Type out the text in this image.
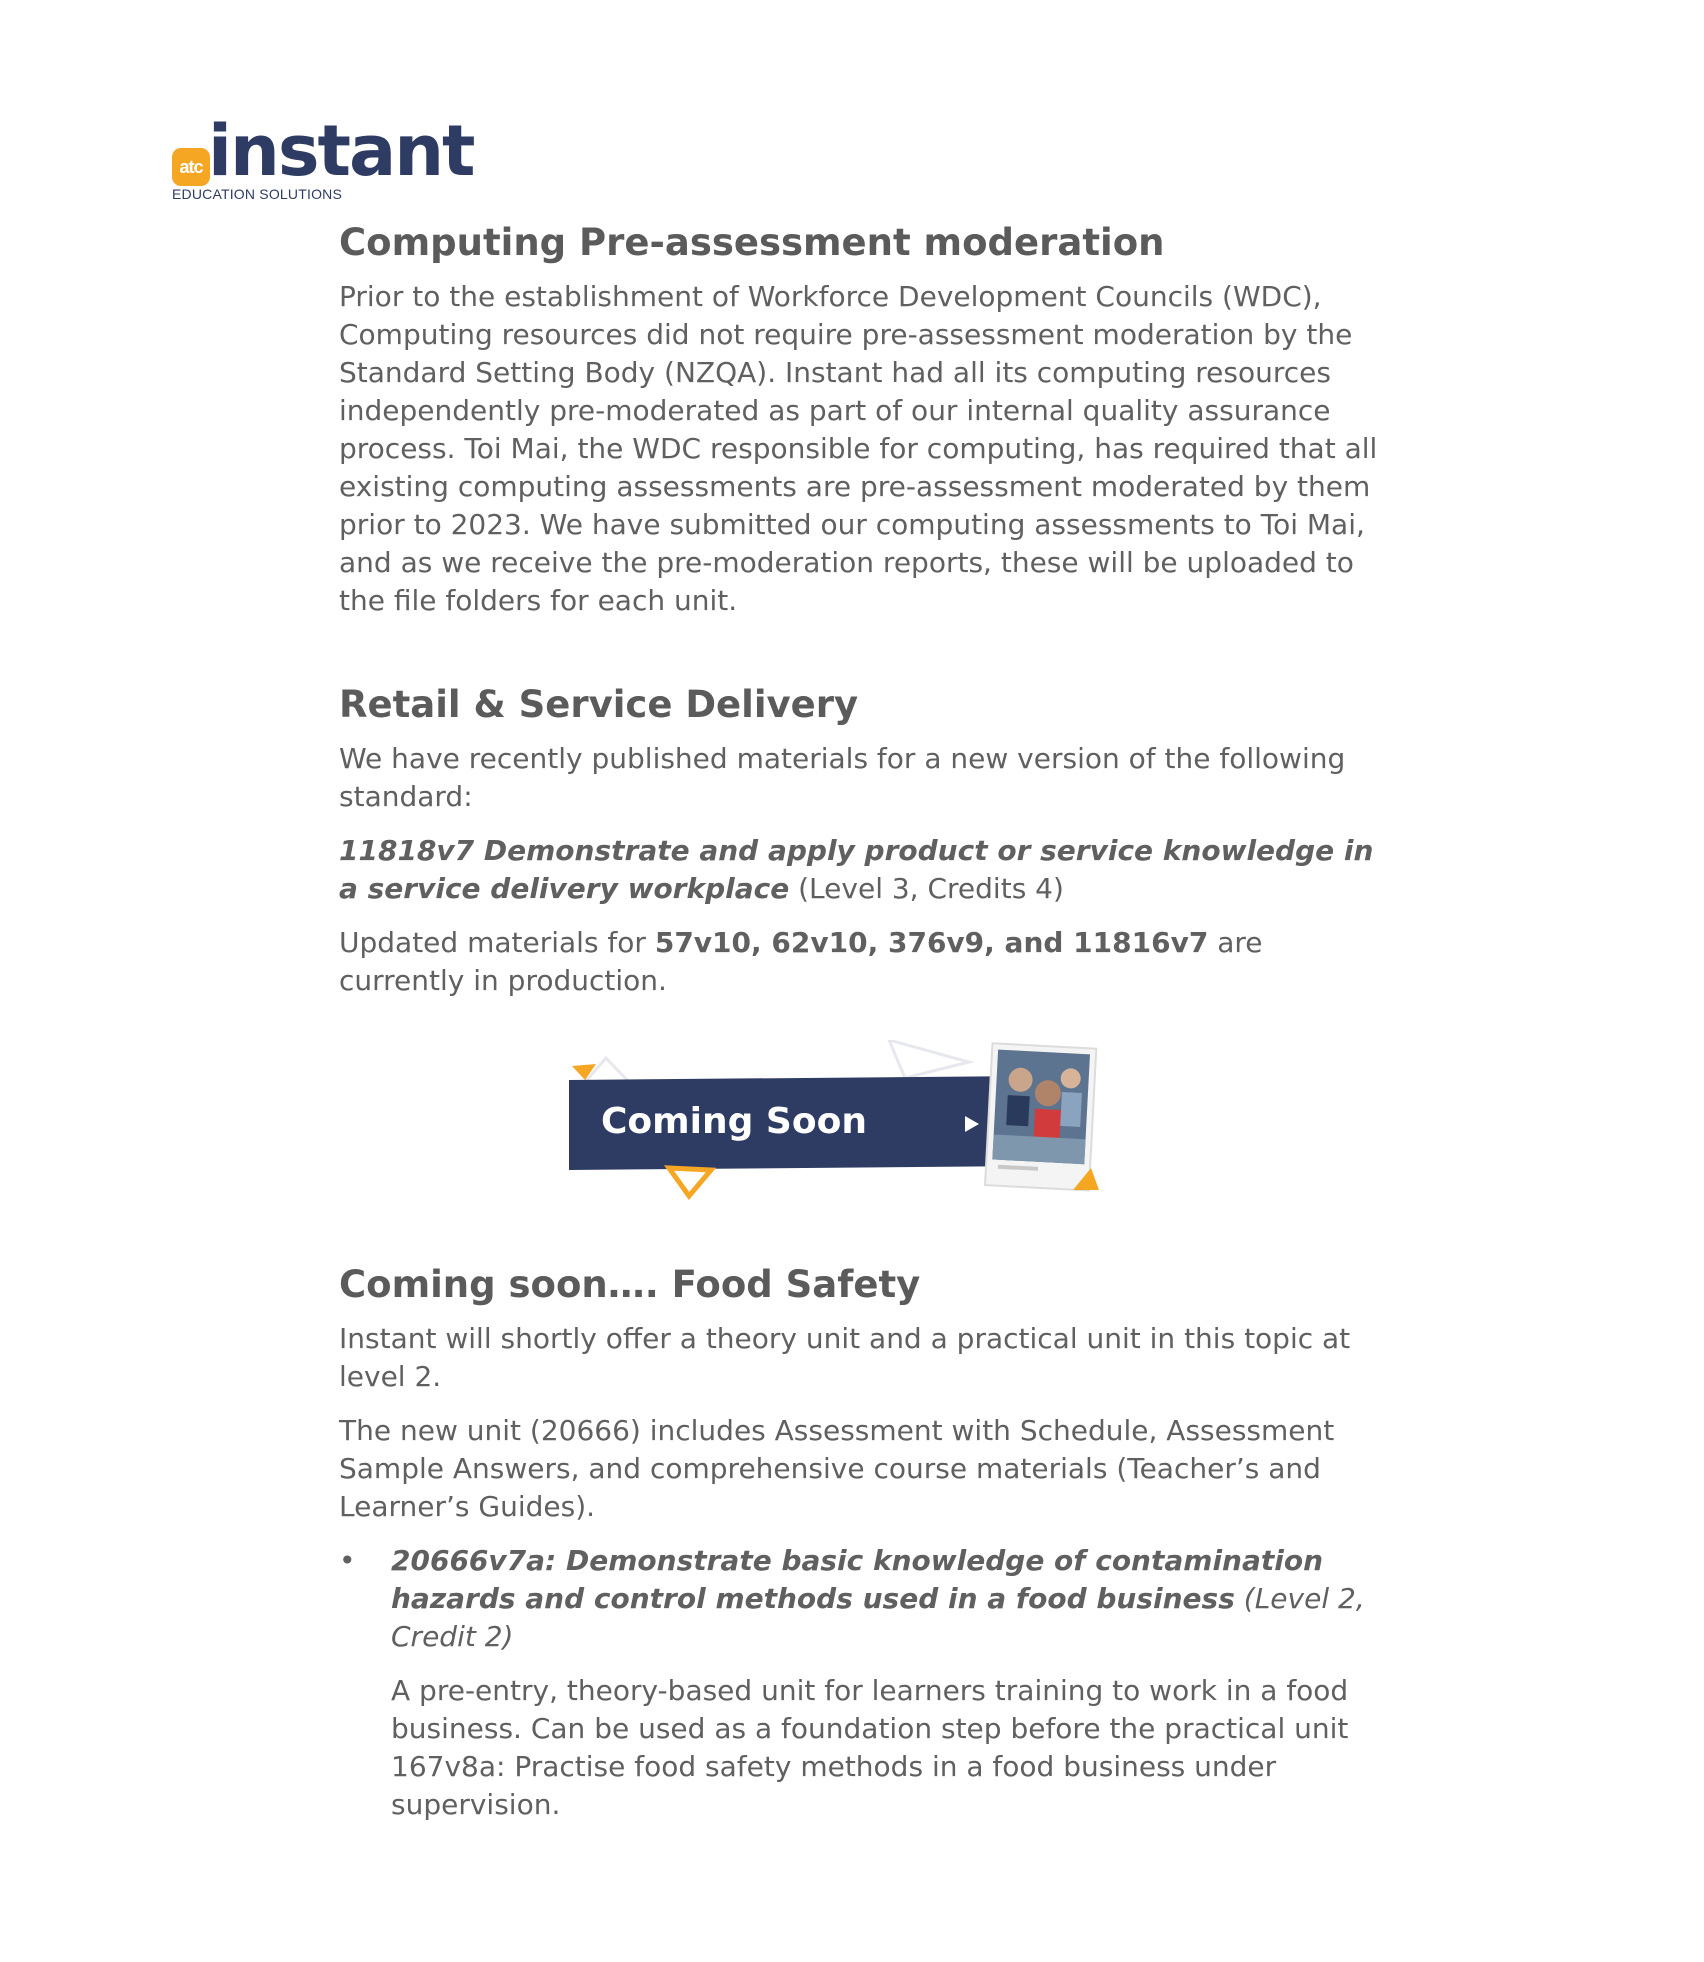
atc instant
EDUCATION SOLUTIONS
Computing Pre-assessment moderation

Prior to the establishment of Workforce Development Councils (WDC), Computing resources did not require pre-assessment moderation by the Standard Setting Body (NZQA). Instant had all its computing resources independently pre-moderated as part of our internal quality assurance process. Toi Mai, the WDC responsible for computing, has required that all existing computing assessments are pre-assessment moderated by them prior to 2023. We have submitted our computing assessments to Toi Mai, and as we receive the pre-moderation reports, these will be uploaded to the file folders for each unit.

Retail & Service Delivery

We have recently published materials for a new version of the following standard:

11818v7 Demonstrate and apply product or service knowledge in a service delivery workplace (Level 3, Credits 4)

Updated materials for 57v10, 62v10, 376v9, and 11816v7 are currently in production.

Coming Soon
Coming soon…. Food Safety

Instant will shortly offer a theory unit and a practical unit in this topic at level 2.

The new unit (20666) includes Assessment with Schedule, Assessment Sample Answers, and comprehensive course materials (Teacher’s and Learner’s Guides).

• 20666v7a: Demonstrate basic knowledge of contamination hazards and control methods used in a food business (Level 2, Credit 2)

A pre-entry, theory-based unit for learners training to work in a food business. Can be used as a foundation step before the practical unit 167v8a: Practise food safety methods in a food business under supervision.
